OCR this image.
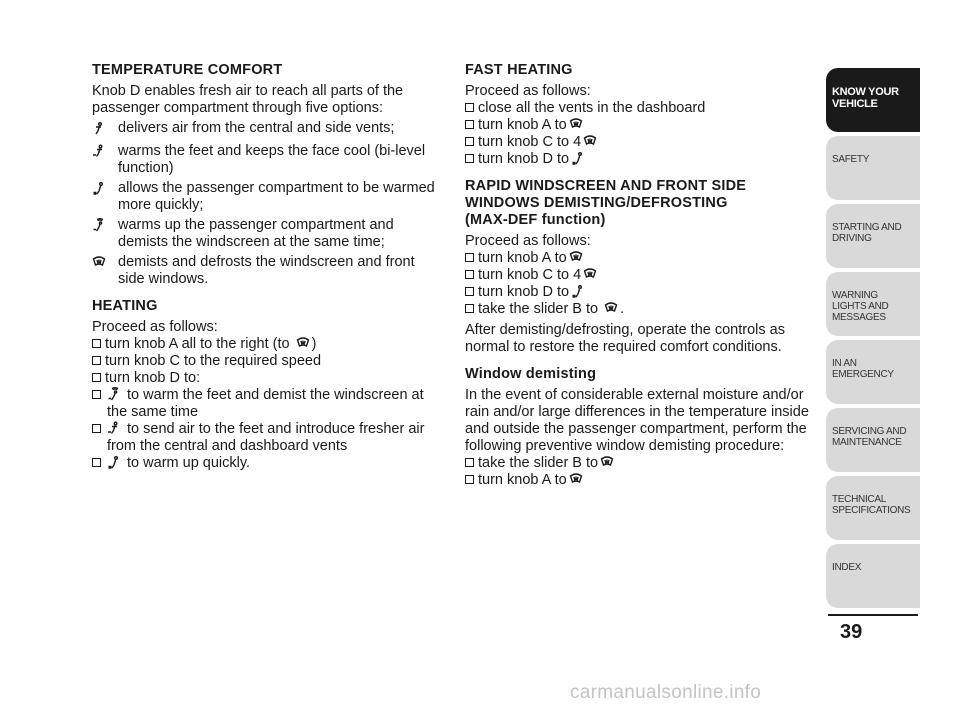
TEMPERATURE COMFORT

Knob D enables fresh air to reach all parts of the passenger compartment through five options:

delivers air from the central and side vents;
warms the feet and keeps the face cool (bi-level function)
allows the passenger compartment to be warmed more quickly;
warms up the passenger compartment and demists the windscreen at the same time;
demists and defrosts the windscreen and front side windows.
HEATING

Proceed as follows:

turn knob A all to the right (to )
turn knob C to the required speed
turn knob D to:
to warm the feet and demist the windscreen at the same time
to send air to the feet and introduce fresher air from the central and dashboard vents
to warm up quickly.
FAST HEATING

Proceed as follows:

close all the vents in the dashboard
turn knob A to
turn knob C to 4
turn knob D to
RAPID WINDSCREEN AND FRONT SIDE WINDOWS DEMISTING/DEFROSTING
(MAX-DEF function)

Proceed as follows:

turn knob A to
turn knob C to 4
turn knob D to
take the slider B to .

After demisting/defrosting, operate the controls as normal to restore the required comfort conditions.

Window demisting

In the event of considerable external moisture and/or rain and/or large differences in the temperature inside and outside the passenger compartment, perform the following preventive window demisting procedure:

take the slider B to
turn knob A to
KNOW YOUR VEHICLE
SAFETY
STARTING AND DRIVING
WARNING LIGHTS AND MESSAGES
IN AN EMERGENCY
SERVICING AND MAINTENANCE
TECHNICAL SPECIFICATIONS
INDEX
39
carmanualsonline.info
